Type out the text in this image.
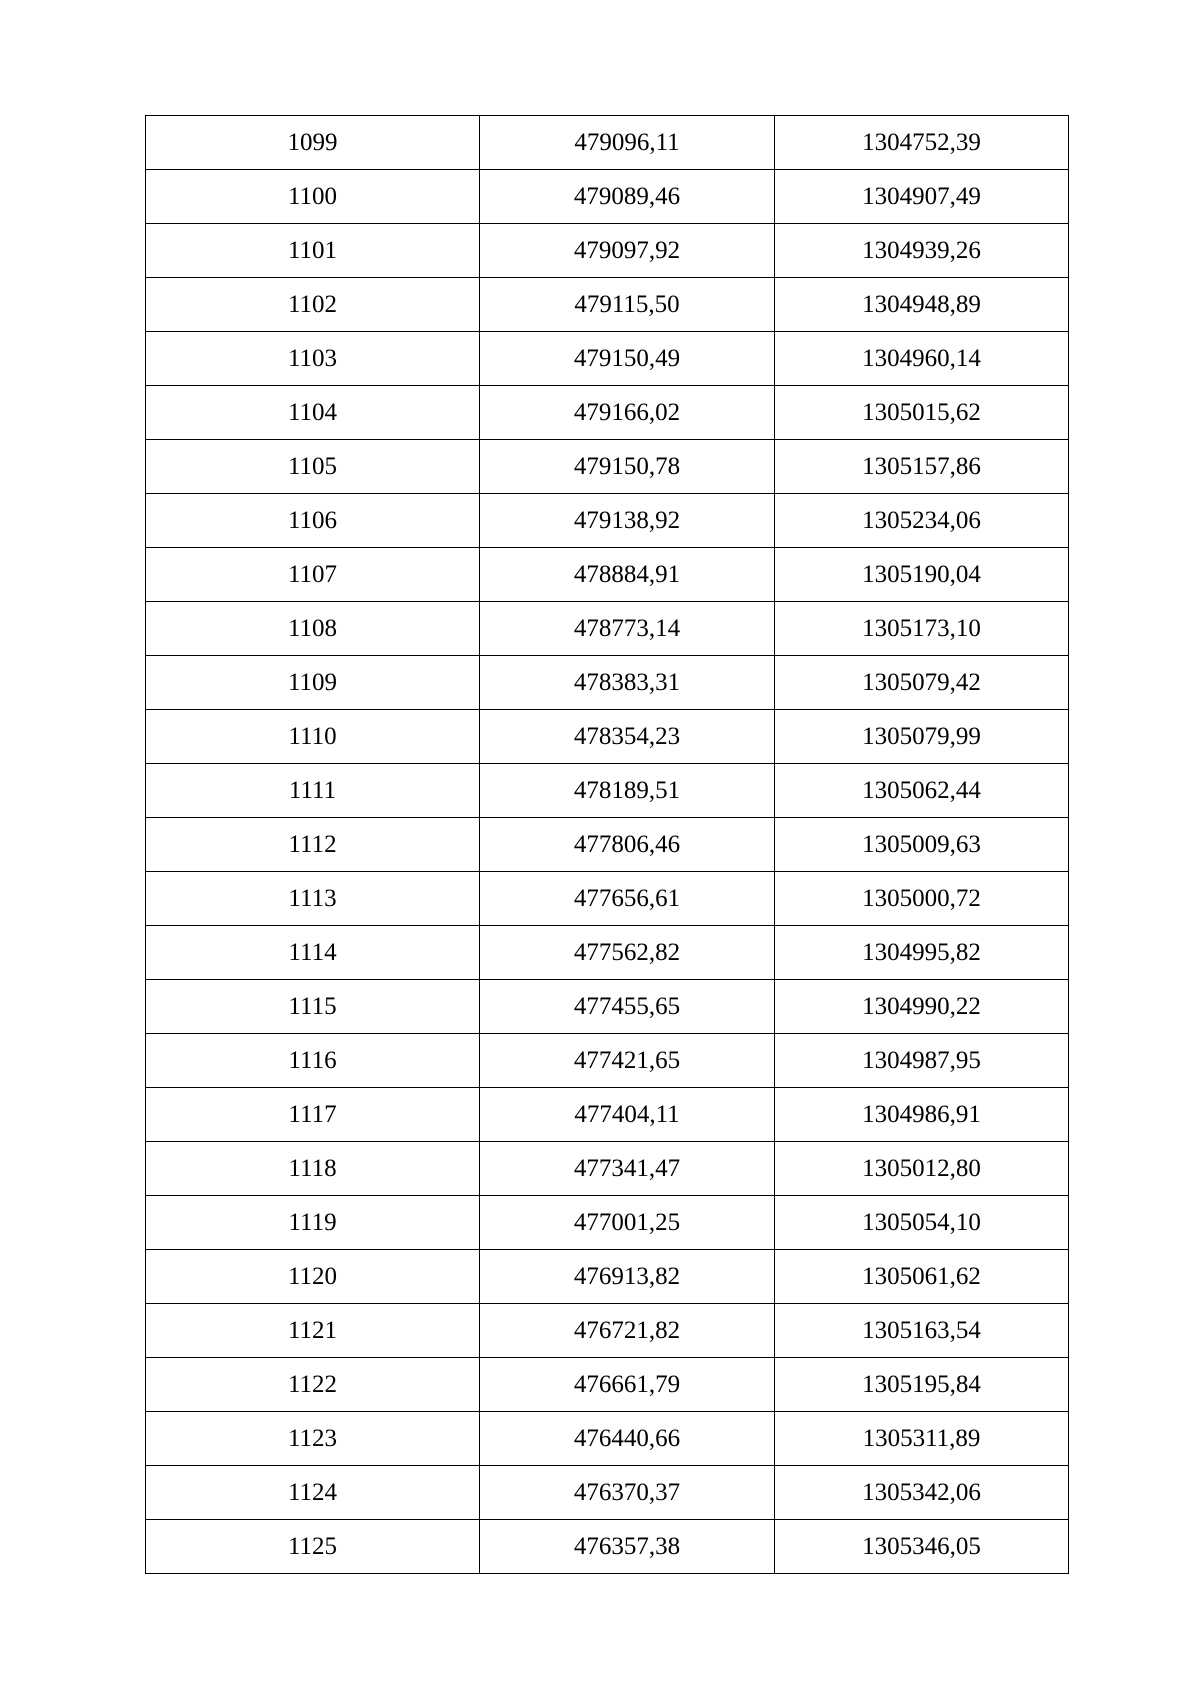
1099	479096,11	1304752,39
1100	479089,46	1304907,49
1101	479097,92	1304939,26
1102	479115,50	1304948,89
1103	479150,49	1304960,14
1104	479166,02	1305015,62
1105	479150,78	1305157,86
1106	479138,92	1305234,06
1107	478884,91	1305190,04
1108	478773,14	1305173,10
1109	478383,31	1305079,42
1110	478354,23	1305079,99
1111	478189,51	1305062,44
1112	477806,46	1305009,63
1113	477656,61	1305000,72
1114	477562,82	1304995,82
1115	477455,65	1304990,22
1116	477421,65	1304987,95
1117	477404,11	1304986,91
1118	477341,47	1305012,80
1119	477001,25	1305054,10
1120	476913,82	1305061,62
1121	476721,82	1305163,54
1122	476661,79	1305195,84
1123	476440,66	1305311,89
1124	476370,37	1305342,06
1125	476357,38	1305346,05
